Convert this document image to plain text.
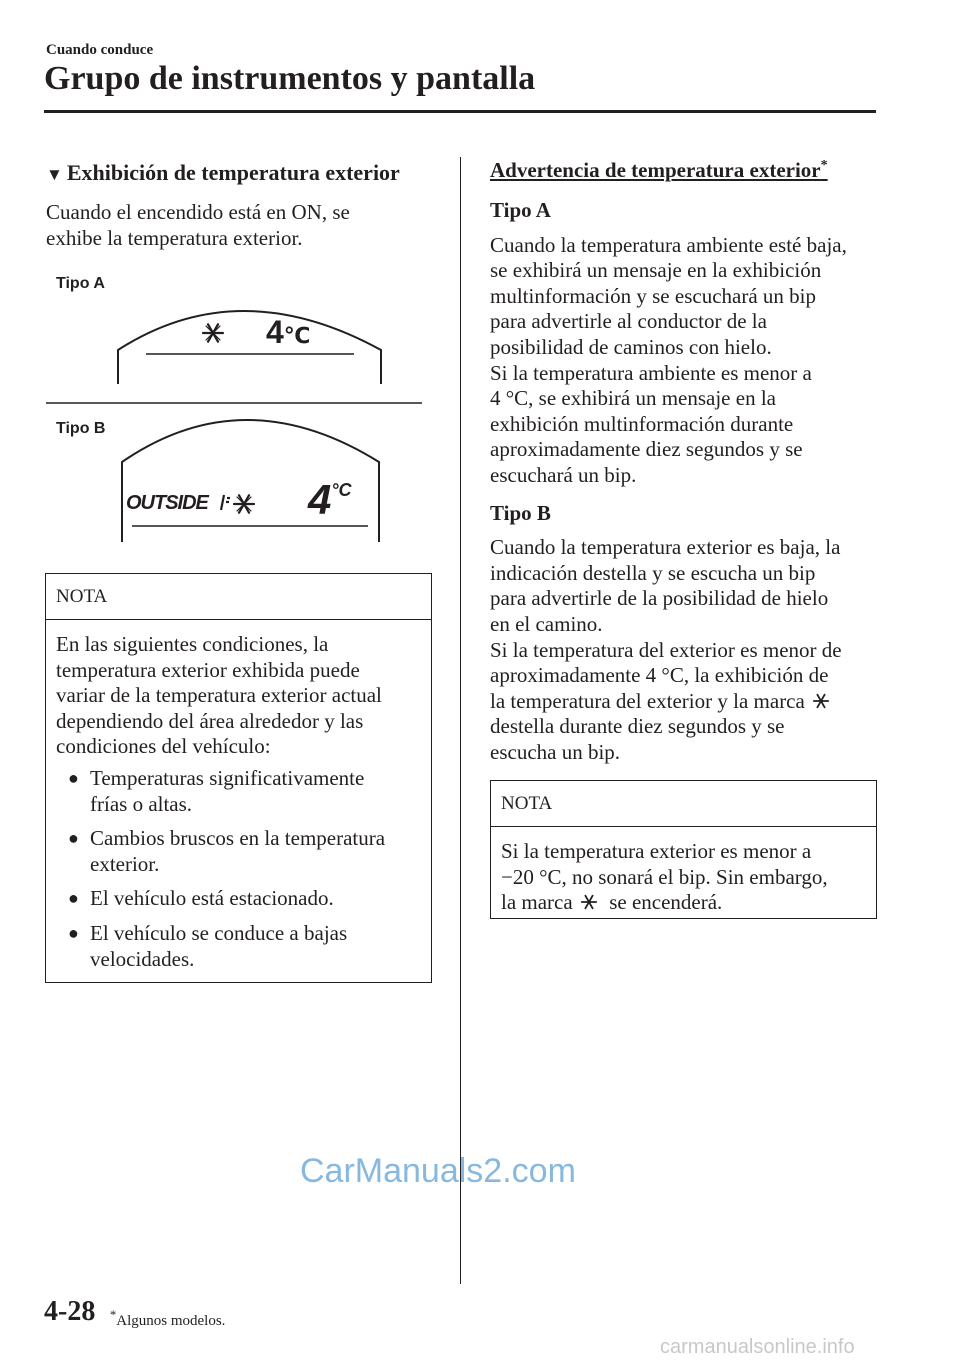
Cuando conduce
Grupo de instrumentos y pantalla
▼ Exhibición de temperatura exterior

Cuando el encendido está en ON, se

exhibe la temperatura exterior.

Tipo A
4℃
Tipo B
OUTSIDE 4°C
NOTA

En las siguientes condiciones, la

temperatura exterior exhibida puede

variar de la temperatura exterior actual

dependiendo del área alrededor y las

condiciones del vehículo:

● Temperaturas significativamente
frías o altas.
● Cambios bruscos en la temperatura
exterior.
● El vehículo está estacionado.
● El vehículo se conduce a bajas
velocidades.
Advertencia de temperatura exterior*

Tipo A

Cuando la temperatura ambiente esté baja,

se exhibirá un mensaje en la exhibición

multinformación y se escuchará un bip

para advertirle al conductor de la

posibilidad de caminos con hielo.

Si la temperatura ambiente es menor a

4 °C, se exhibirá un mensaje en la

exhibición multinformación durante

aproximadamente diez segundos y se

escuchará un bip.

Tipo B

Cuando la temperatura exterior es baja, la

indicación destella y se escucha un bip

para advertirle de la posibilidad de hielo

en el camino.

Si la temperatura del exterior es menor de

aproximadamente 4 °C, la exhibición de

la temperatura del exterior y la marca

destella durante diez segundos y se

escucha un bip.

NOTA

Si la temperatura exterior es menor a

−20 °C, no sonará el bip. Sin embargo,

la marca se encenderá.

4-28 *Algunos modelos.
CarManuals2.com
carmanualsonline.info
